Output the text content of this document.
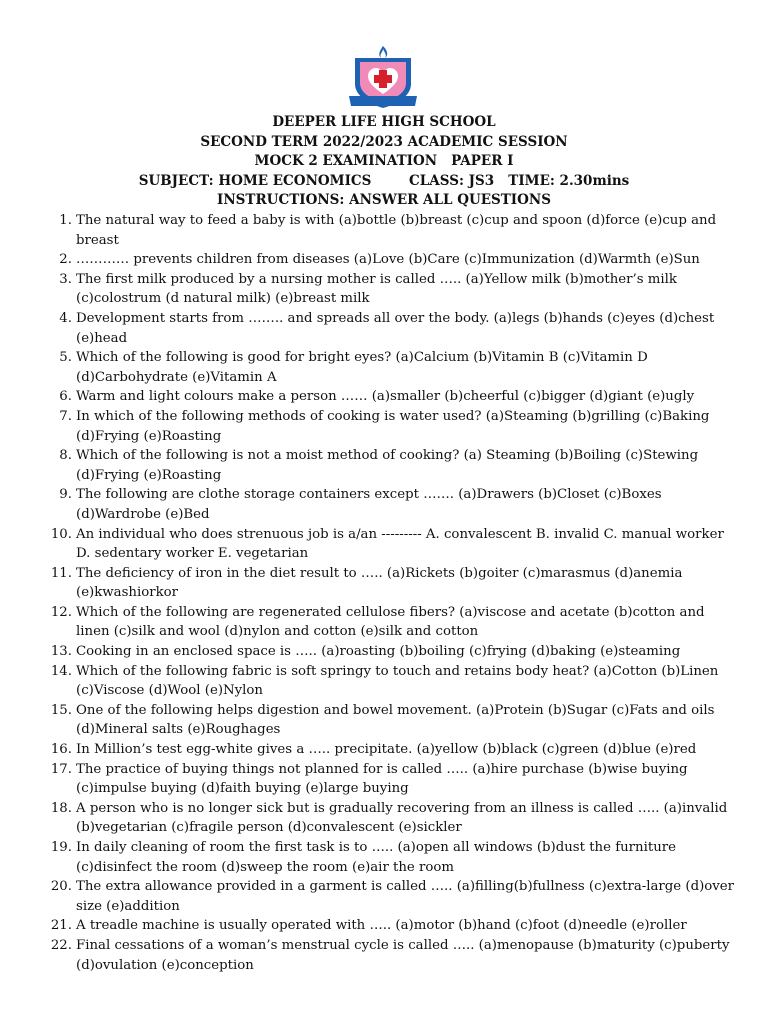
DEEPER LIFE HIGH SCHOOL
SECOND TERM 2022/2023 ACADEMIC SESSION
MOCK 2 EXAMINATION   PAPER I
SUBJECT: HOME ECONOMICS	CLASS: JS3 TIME: 2.30mins
INSTRUCTIONS: ANSWER ALL QUESTIONS
1 . The natural way to feed a baby is with (a)bottle (b)breast (c)cup and spoon (d)force (e)cup and breast
2 . ………… prevents children from diseases (a)Love (b)Care (c)Immunization (d)Warmth (e)Sun
3 . The first milk produced by a nursing mother is called ….. (a)Yellow milk (b)mother’s milk (c)colostrum (d natural milk) (e)breast milk
4 . Development starts from …….. and spreads all over the body. (a)legs (b)hands (c)eyes (d)chest (e)head
5 . Which of the following is good for bright eyes? (a)Calcium (b)Vitamin B (c)Vitamin D (d)Carbohydrate (e)Vitamin A
6 . Warm and light colours make a person …… (a)smaller (b)cheerful (c)bigger (d)giant (e)ugly
7 . In which of the following methods of cooking is water used? (a)Steaming (b)grilling (c)Baking (d)Frying (e)Roasting
8 . Which of the following is not a moist method of cooking? (a) Steaming (b)Boiling (c)Stewing (d)Frying (e)Roasting
9 . The following are clothe storage containers except ……. (a)Drawers (b)Closet (c)Boxes (d)Wardrobe (e)Bed
10 . An individual who does strenuous job is a/an --------- A. convalescent B. invalid C. manual worker D. sedentary worker E. vegetarian
11 . The deficiency of iron in the diet result to ….. (a)Rickets (b)goiter (c)marasmus (d)anemia (e)kwashiorkor
12 . Which of the following are regenerated cellulose fibers? (a)viscose and acetate (b)cotton and linen (c)silk and wool (d)nylon and cotton (e)silk and cotton
13 . Cooking in an enclosed space is ….. (a)roasting (b)boiling (c)frying (d)baking (e)steaming
14 . Which of the following fabric is soft springy to touch and retains body heat? (a)Cotton (b)Linen (c)Viscose (d)Wool (e)Nylon
15 . One of the following helps digestion and bowel movement. (a)Protein (b)Sugar (c)Fats and oils (d)Mineral salts (e)Roughages
16 . In Million’s test egg-white gives a ….. precipitate. (a)yellow (b)black (c)green (d)blue (e)red
17 . The practice of buying things not planned for is called ….. (a)hire purchase (b)wise buying (c)impulse buying (d)faith buying (e)large buying
18 . A person who is no longer sick but is gradually recovering from an illness is called ….. (a)invalid (b)vegetarian (c)fragile person (d)convalescent (e)sickler
19 . In daily cleaning of room the first task is to ….. (a)open all windows (b)dust the furniture (c)disinfect the room (d)sweep the room (e)air the room
20 . The extra allowance provided in a garment is called ….. (a)filling(b)fullness (c)extra-large (d)over size (e)addition
21 . A treadle machine is usually operated with ….. (a)motor (b)hand (c)foot (d)needle (e)roller
22 . Final cessations of a woman’s menstrual cycle is called ….. (a)menopause (b)maturity (c)puberty (d)ovulation (e)conception
